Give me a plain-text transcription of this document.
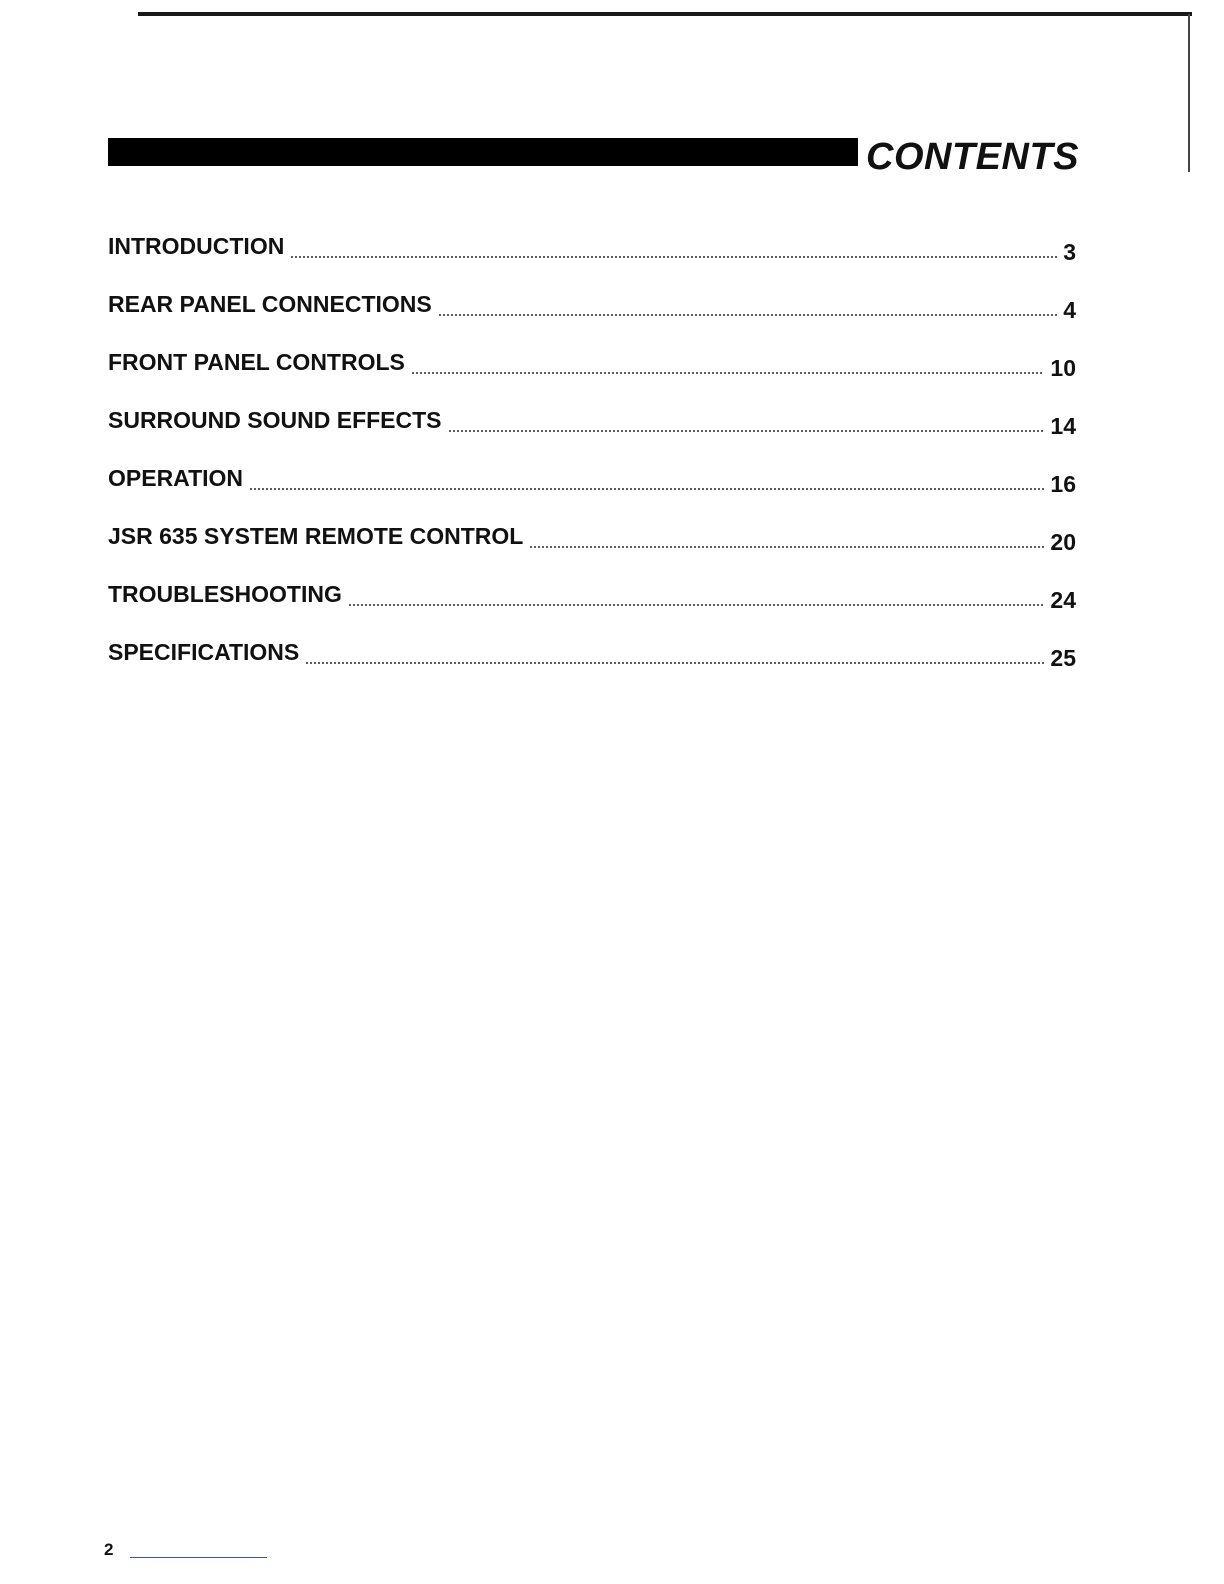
CONTENTS
INTRODUCTION	3
REAR PANEL CONNECTIONS	4
FRONT PANEL CONTROLS	10
SURROUND SOUND EFFECTS	14
OPERATION	16
JSR 635 SYSTEM REMOTE CONTROL	20
TROUBLESHOOTING	24
SPECIFICATIONS	25
2
